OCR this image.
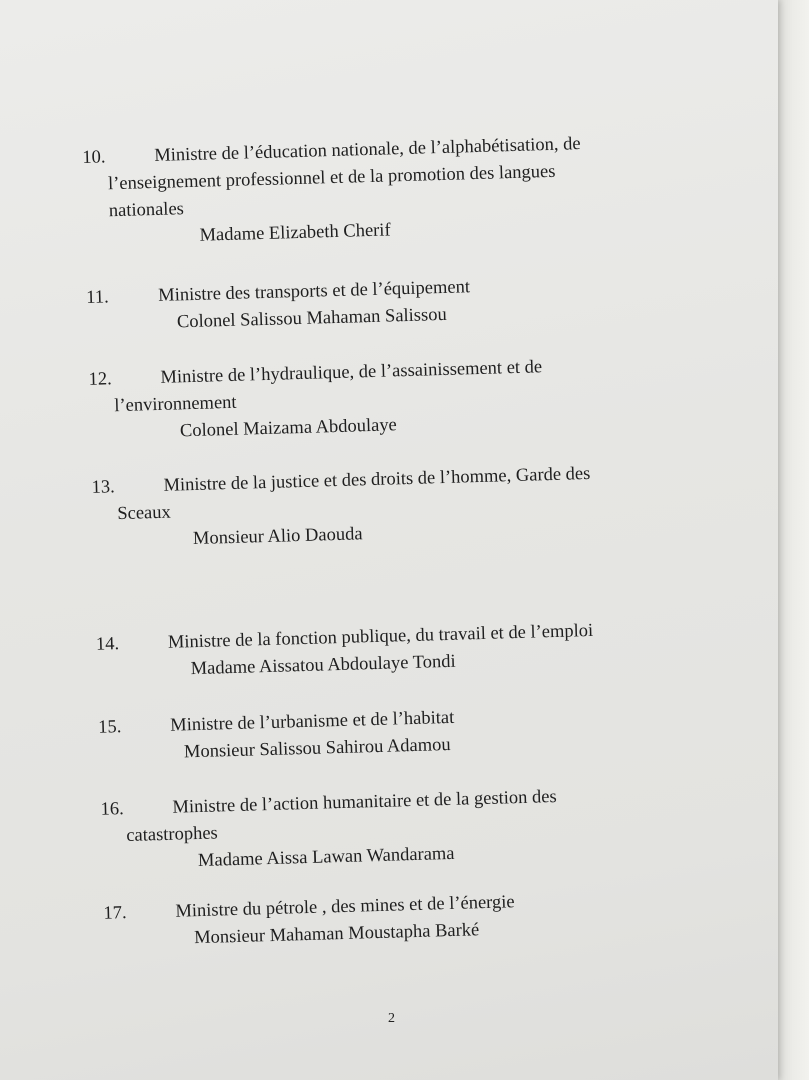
10.	Ministre de l’éducation nationale, de l’alphabétisation, de
l’enseignement professionnel et de la promotion des langues
nationales
Madame Elizabeth Cherif
11.	Ministre des transports et de l’équipement
Colonel Salissou Mahaman Salissou
12.	Ministre de l’hydraulique, de l’assainissement et de
l’environnement
Colonel Maizama Abdoulaye
13.	Ministre de la justice et des droits de l’homme, Garde des
Sceaux
Monsieur Alio Daouda
14.	Ministre de la fonction publique, du travail et de l’emploi
Madame Aissatou Abdoulaye Tondi
15.	Ministre de l’urbanisme et de l’habitat
Monsieur Salissou Sahirou Adamou
16.	Ministre de l’action humanitaire et de la gestion des
catastrophes
Madame Aissa Lawan Wandarama
17.	Ministre du pétrole , des mines et de l’énergie
Monsieur Mahaman Moustapha Barké
2
